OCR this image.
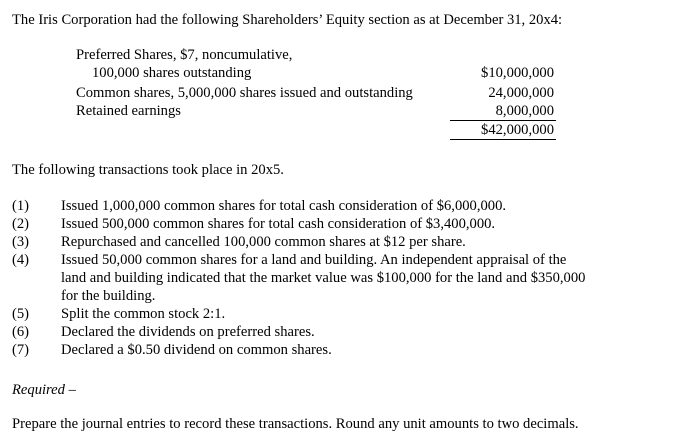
The Iris Corporation had the following Shareholders’ Equity section as at December 31, 20x4:
Preferred Shares, $7, noncumulative,
100,000 shares outstanding	$10,000,000
Common shares, 5,000,000 shares issued and outstanding	24,000,000
Retained earnings	8,000,000
$42,000,000
The following transactions took place in 20x5.
(1) Issued 1,000,000 common shares for total cash consideration of $6,000,000.
(2) Issued 500,000 common shares for total cash consideration of $3,400,000.
(3) Repurchased and cancelled 100,000 common shares at $12 per share.
(4) Issued 50,000 common shares for a land and building. An independent appraisal of the
land and building indicated that the market value was $100,000 for the land and $350,000
for the building.
(5) Split the common stock 2:1.
(6) Declared the dividends on preferred shares.
(7) Declared a $0.50 dividend on common shares.
Required –
Prepare the journal entries to record these transactions. Round any unit amounts to two decimals.
